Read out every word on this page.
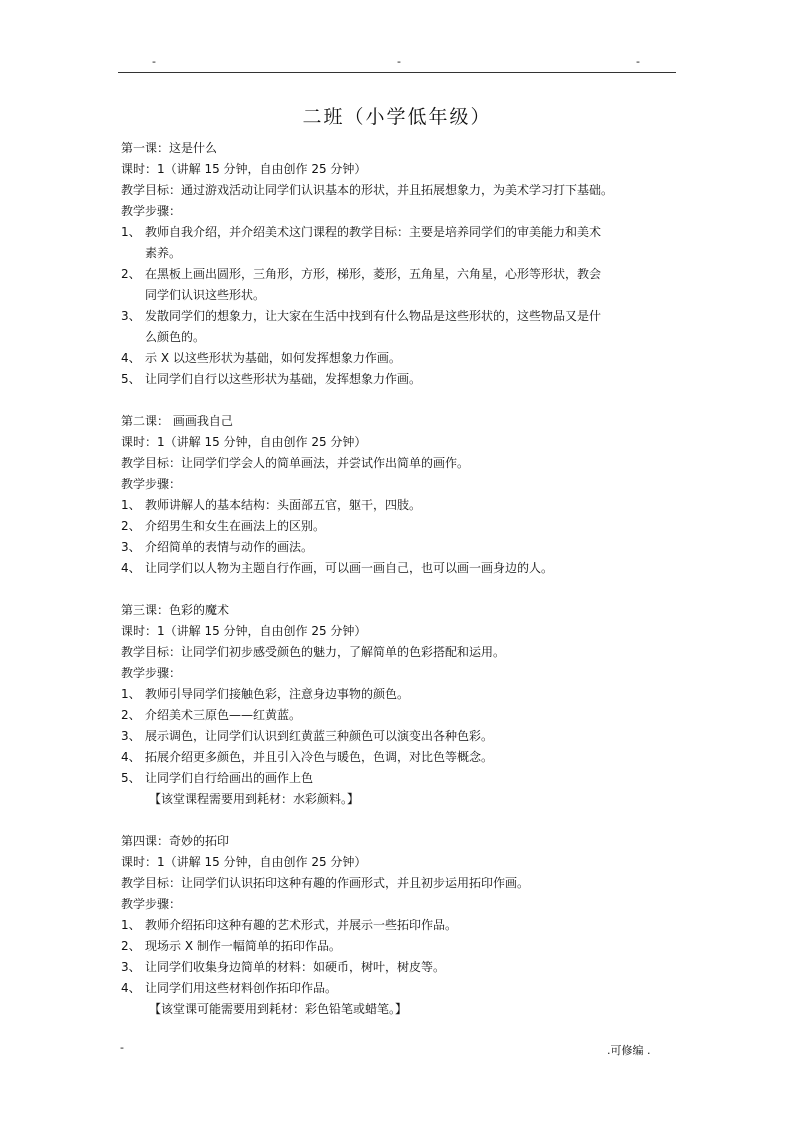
-	-	-
二班（小学低年级）
第一课：这是什么
课时：1（讲解 15 分钟，自由创作 25 分钟）
教学目标：通过游戏活动让同学们认识基本的形状，并且拓展想象力，为美术学习打下基础。
教学步骤：
1、 教师自我介绍，并介绍美术这门课程的教学目标：主要是培养同学们的审美能力和美术
素养。
2、 在黑板上画出圆形，三角形，方形，梯形，菱形，五角星，六角星，心形等形状，教会
同学们认识这些形状。
3、 发散同学们的想象力，让大家在生活中找到有什么物品是这些形状的，这些物品又是什
么颜色的。
4、 示 X 以这些形状为基础，如何发挥想象力作画。
5、 让同学们自行以这些形状为基础，发挥想象力作画。
第二课： 画画我自己
课时：1（讲解 15 分钟，自由创作 25 分钟）
教学目标：让同学们学会人的简单画法，并尝试作出简单的画作。
教学步骤：
1、 教师讲解人的基本结构：头面部五官，躯干，四肢。
2、 介绍男生和女生在画法上的区别。
3、 介绍简单的表情与动作的画法。
4、 让同学们以人物为主题自行作画，可以画一画自己，也可以画一画身边的人。
第三课：色彩的魔术
课时：1（讲解 15 分钟，自由创作 25 分钟）
教学目标：让同学们初步感受颜色的魅力，了解简单的色彩搭配和运用。
教学步骤：
1、 教师引导同学们接触色彩，注意身边事物的颜色。
2、 介绍美术三原色——红黄蓝。
3、 展示调色，让同学们认识到红黄蓝三种颜色可以演变出各种色彩。
4、 拓展介绍更多颜色，并且引入冷色与暖色，色调，对比色等概念。
5、 让同学们自行给画出的画作上色
【该堂课程需要用到耗材：水彩颜料。】
第四课：奇妙的拓印
课时：1（讲解 15 分钟，自由创作 25 分钟）
教学目标：让同学们认识拓印这种有趣的作画形式，并且初步运用拓印作画。
教学步骤：
1、 教师介绍拓印这种有趣的艺术形式，并展示一些拓印作品。
2、 现场示 X 制作一幅简单的拓印作品。
3、 让同学们收集身边简单的材料：如硬币，树叶，树皮等。
4、 让同学们用这些材料创作拓印作品。
【该堂课可能需要用到耗材：彩色铅笔或蜡笔。】
-	.可修编 .
